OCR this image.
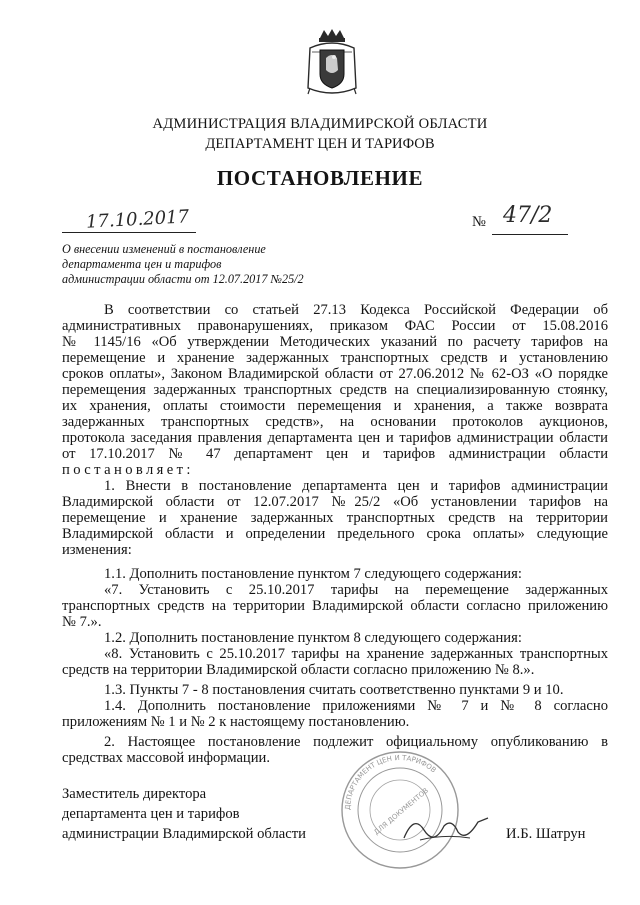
АДМИНИСТРАЦИЯ ВЛАДИМИРСКОЙ ОБЛАСТИ
ДЕПАРТАМЕНТ ЦЕН И ТАРИФОВ
ПОСТАНОВЛЕНИЕ
17.10.2017	№ 47/2
О внесении изменений в постановление
департамента цен и тарифов
администрации области от 12.07.2017 №25/2
В соответствии со статьей 27.13 Кодекса Российской Федерации об
административных правонарушениях, приказом ФАС России от 15.08.2016
№ 1145/16 «Об утверждении Методических указаний по расчету тарифов на
перемещение и хранение задержанных транспортных средств и установлению
сроков оплаты», Законом Владимирской области от 27.06.2012 № 62-ОЗ «О порядке
перемещения задержанных транспортных средств на специализированную стоянку,
их хранения, оплаты стоимости перемещения и хранения, а также возврата
задержанных транспортных средств», на основании протоколов аукционов,
протокола заседания правления департамента цен и тарифов администрации области
от 17.10.2017 № 47 департамент цен и тарифов администрации области
постановляет:
1. Внести в постановление департамента цен и тарифов администрации
Владимирской области от 12.07.2017 №25/2 «Об установлении тарифов на
перемещение и хранение задержанных транспортных средств на территории
Владимирской области и определении предельного срока оплаты» следующие
изменения:
1.1. Дополнить постановление пунктом 7 следующего содержания:
«7. Установить с 25.10.2017 тарифы на перемещение задержанных
транспортных средств на территории Владимирской области согласно приложению
№ 7.».
1.2. Дополнить постановление пунктом 8 следующего содержания:
«8. Установить с 25.10.2017 тарифы на хранение задержанных транспортных
средств на территории Владимирской области согласно приложению № 8.».
1.3. Пункты 7 - 8 постановления считать соответственно пунктами 9 и 10.
1.4. Дополнить постановление приложениями № 7 и № 8 согласно
приложениям № 1 и № 2 к настоящему постановлению.
2. Настоящее постановление подлежит официальному опубликованию в
средствах массовой информации.
ДЕПАРТАМЕНТ ЦЕН И ТАРИФОВ
ДЛЯ ДОКУМЕНТОВ
Заместитель директора
департамента цен и тарифов
администрации Владимирской области	И.Б. Шатрун
